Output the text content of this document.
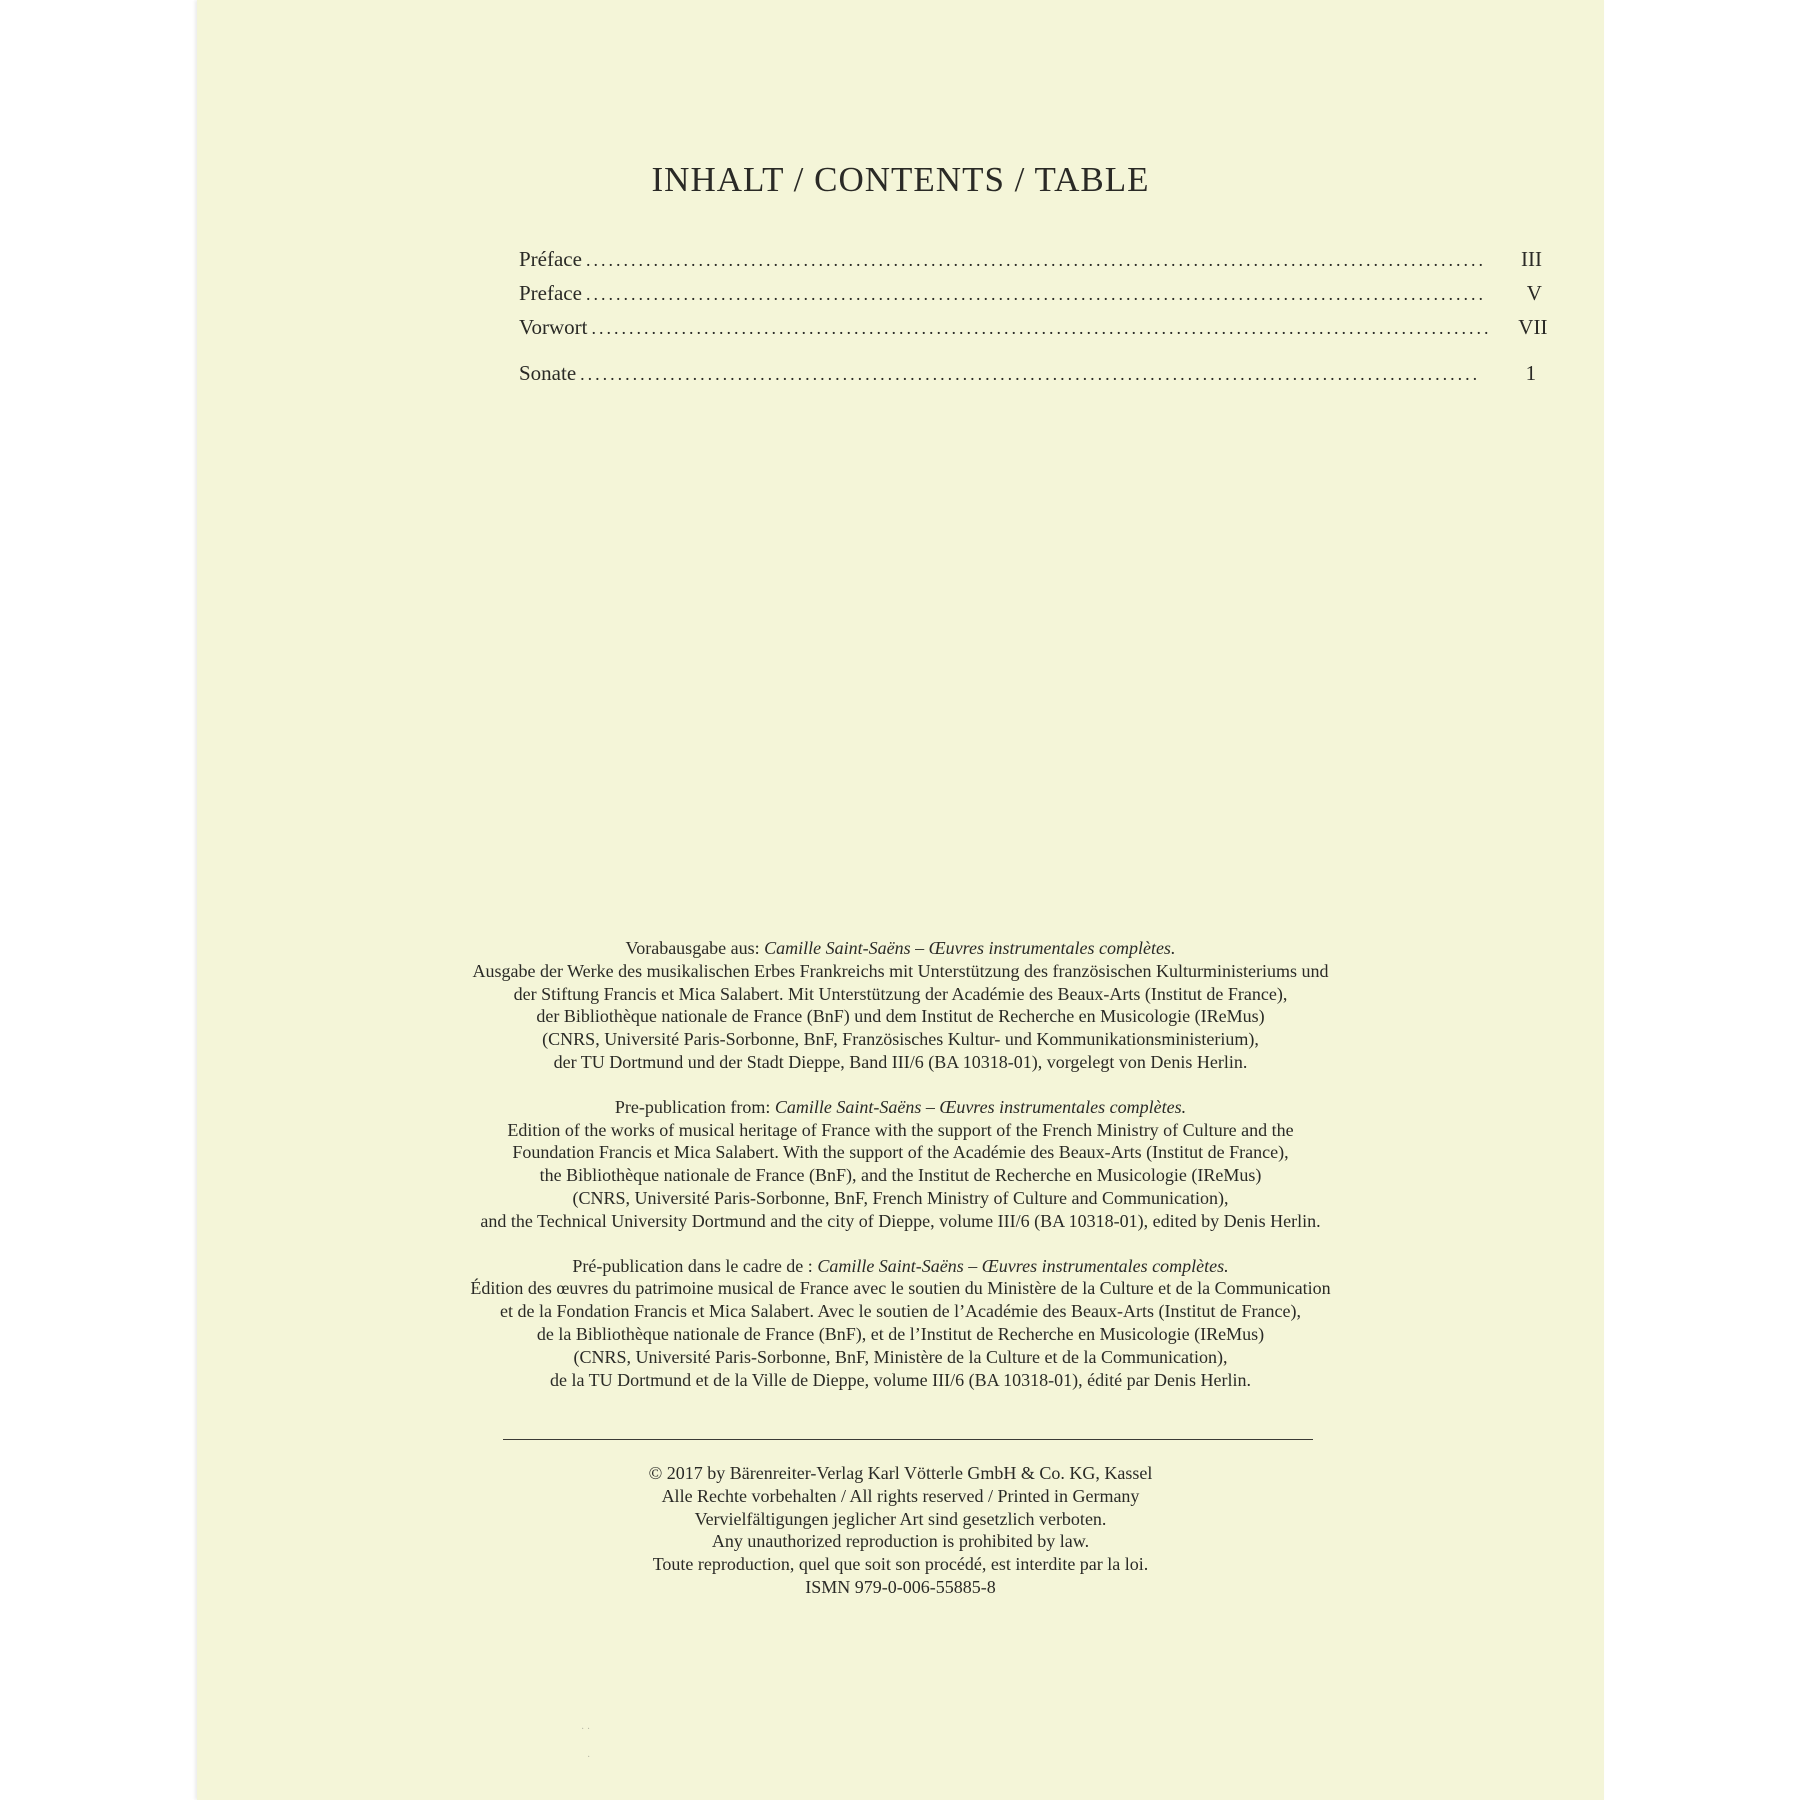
INHALT / CONTENTS / TABLE
Préface ........................................................................................................................	III
Preface ........................................................................................................................	V
Vorwort ........................................................................................................................	VII
Sonate ........................................................................................................................	1

Vorabausgabe aus: Camille Saint-Saëns – Œuvres instrumentales complètes.
Ausgabe der Werke des musikalischen Erbes Frankreichs mit Unterstützung des französischen Kulturministeriums und
der Stiftung Francis et Mica Salabert. Mit Unterstützung der Académie des Beaux-Arts (Institut de France),
der Bibliothèque nationale de France (BnF) und dem Institut de Recherche en Musicologie (IReMus)
(CNRS, Université Paris-Sorbonne, BnF, Französisches Kultur- und Kommunikationsministerium),
der TU Dortmund und der Stadt Dieppe, Band III/6 (BA 10318-01), vorgelegt von Denis Herlin.

Pre-publication from: Camille Saint-Saëns – Œuvres instrumentales complètes.
Edition of the works of musical heritage of France with the support of the French Ministry of Culture and the
Foundation Francis et Mica Salabert. With the support of the Académie des Beaux-Arts (Institut de France),
the Bibliothèque nationale de France (BnF), and the Institut de Recherche en Musicologie (IReMus)
(CNRS, Université Paris-Sorbonne, BnF, French Ministry of Culture and Communication),
and the Technical University Dortmund and the city of Dieppe, volume III/6 (BA 10318-01), edited by Denis Herlin.

Pré-publication dans le cadre de : Camille Saint-Saëns – Œuvres instrumentales complètes.
Édition des œuvres du patrimoine musical de France avec le soutien du Ministère de la Culture et de la Communication
et de la Fondation Francis et Mica Salabert. Avec le soutien de l’Académie des Beaux-Arts (Institut de France),
de la Bibliothèque nationale de France (BnF), et de l’Institut de Recherche en Musicologie (IReMus)
(CNRS, Université Paris-Sorbonne, BnF, Ministère de la Culture et de la Communication),
de la TU Dortmund et de la Ville de Dieppe, volume III/6 (BA 10318-01), édité par Denis Herlin.

© 2017 by Bärenreiter-Verlag Karl Vötterle GmbH & Co. KG, Kassel
Alle Rechte vorbehalten / All rights reserved / Printed in Germany
Vervielfältigungen jeglicher Art sind gesetzlich verboten.
Any unauthorized reproduction is prohibited by law.
Toute reproduction, quel que soit son procédé, est interdite par la loi.
ISMN 979-0-006-55885-8
· ·
·
